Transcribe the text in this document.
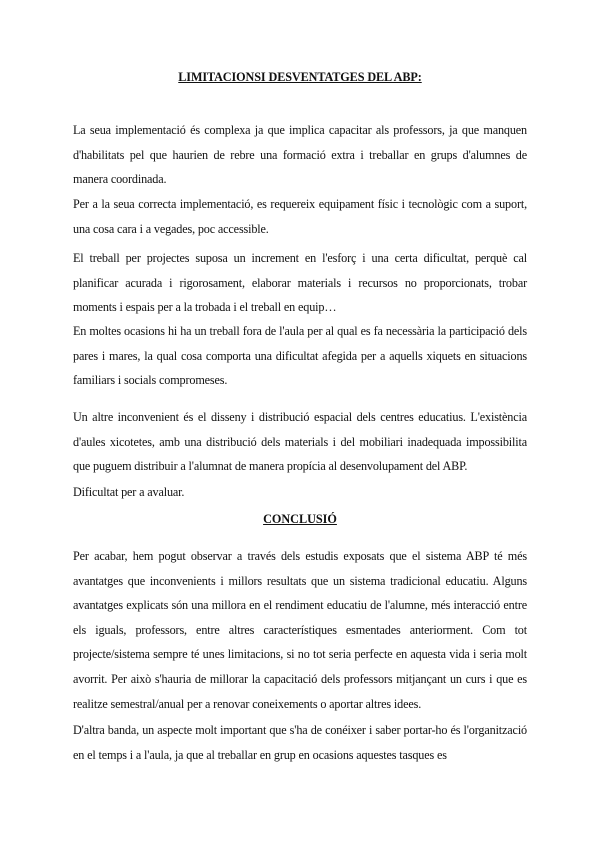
LIMITACIONSI DESVENTATGES DEL ABP:

La seua implementació és complexa ja que implica capacitar als professors, ja que manquen d'habilitats pel que haurien de rebre una formació extra i treballar en grups d'alumnes de manera coordinada.

Per a la seua correcta implementació, es requereix equipament físic i tecnològic com a suport, una cosa cara i a vegades, poc accessible.

El treball per projectes suposa un increment en l'esforç i una certa dificultat, perquè cal planificar acurada i rigorosament, elaborar materials i recursos no proporcionats, trobar moments i espais per a la trobada i el treball en equip…

En moltes ocasions hi ha un treball fora de l'aula per al qual es fa necessària la participació dels pares i mares, la qual cosa comporta una dificultat afegida per a aquells xiquets en situacions familiars i socials compromeses.

Un altre inconvenient és el disseny i distribució espacial dels centres educatius. L'existència d'aules xicotetes, amb una distribució dels materials i del mobiliari inadequada impossibilita que puguem distribuir a l'alumnat de manera propícia al desenvolupament del ABP.

Dificultat per a avaluar.

CONCLUSIÓ

Per acabar, hem pogut observar a través dels estudis exposats que el sistema ABP té més avantatges que inconvenients i millors resultats que un sistema tradicional educatiu. Alguns avantatges explicats són una millora en el rendiment educatiu de l'alumne, més interacció entre els iguals, professors, entre altres característiques esmentades anteriorment. Com tot projecte/sistema sempre té unes limitacions, si no tot seria perfecte en aquesta vida i seria molt avorrit. Per això s'hauria de millorar la capacitació dels professors mitjançant un curs i que es realitze semestral/anual per a renovar coneixements o aportar altres idees.

D'altra banda, un aspecte molt important que s'ha de conéixer i saber portar-ho és l'organització en el temps i a l'aula, ja que al treballar en grup en ocasions aquestes tasques es
